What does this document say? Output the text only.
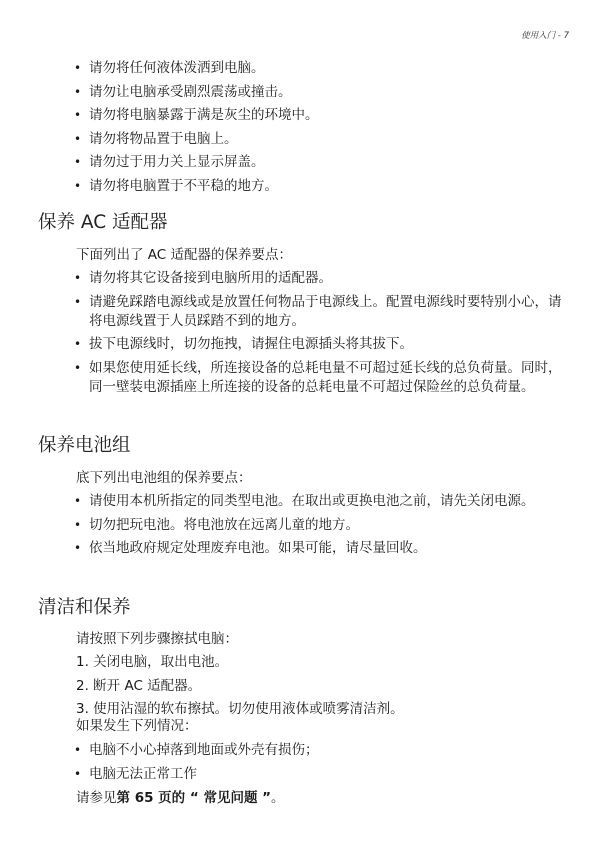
使用入门 - 7
• 请勿将任何液体泼洒到电脑。
• 请勿让电脑承受剧烈震荡或撞击。
• 请勿将电脑暴露于满是灰尘的环境中。
• 请勿将物品置于电脑上。
• 请勿过于用力关上显示屏盖。
• 请勿将电脑置于不平稳的地方。
保养 AC 适配器

下面列出了 AC 适配器的保养要点：

• 请勿将其它设备接到电脑所用的适配器。
• 请避免踩踏电源线或是放置任何物品于电源线上。配置电源线时要特别小心，请将电源线置于人员踩踏不到的地方。
• 拔下电源线时，切勿拖拽，请握住电源插头将其拔下。
• 如果您使用延长线，所连接设备的总耗电量不可超过延长线的总负荷量。同时，同一壁装电源插座上所连接的设备的总耗电量不可超过保险丝的总负荷量。
保养电池组

底下列出电池组的保养要点：

• 请使用本机所指定的同类型电池。在取出或更换电池之前，请先关闭电源。
• 切勿把玩电池。将电池放在远离儿童的地方。
• 依当地政府规定处理废弃电池。如果可能，请尽量回收。
清洁和保养

请按照下列步骤擦拭电脑：

1. 关闭电脑，取出电池。
2. 断开 AC 适配器。
3. 使用沾湿的软布擦拭。切勿使用液体或喷雾清洁剂。

如果发生下列情况：

• 电脑不小心掉落到地面或外壳有损伤；
• 电脑无法正常工作

请参见第 65 页的 “ 常见问题 ”。
